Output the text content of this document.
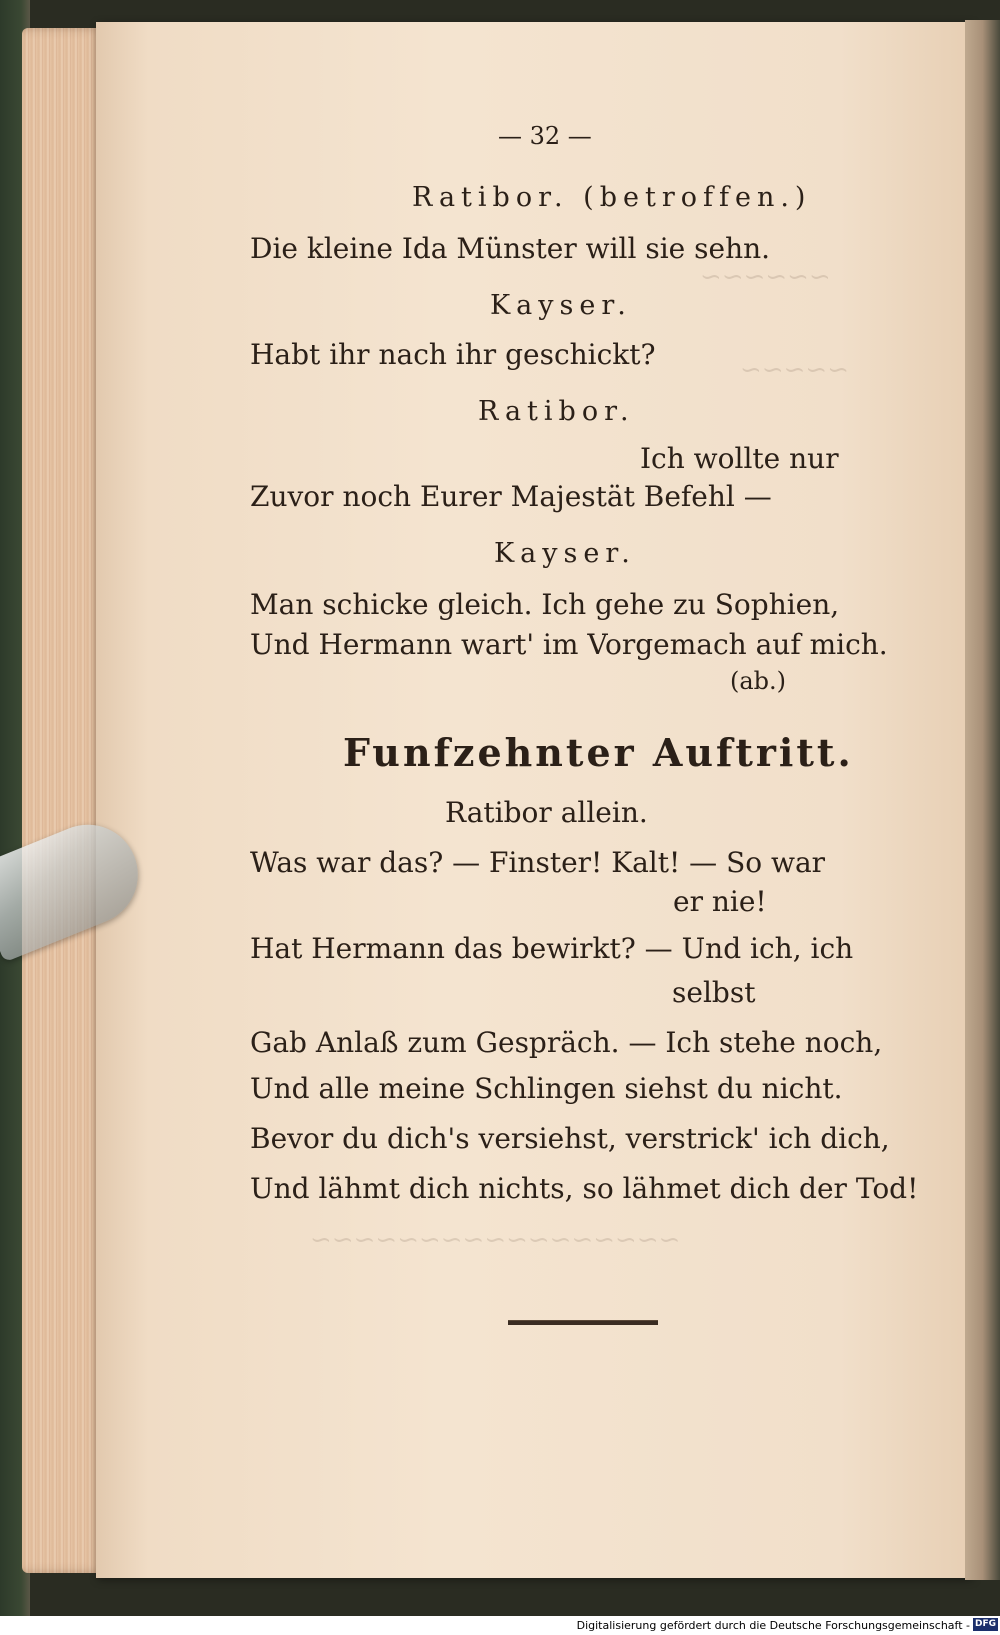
~~~~~~
~~~~~
~~~~~~~~~~~~~~~~~
— 32 —
Ratibor. (betroffen.)
Die kleine Ida Münster will sie sehn.
Kayser.
Habt ihr nach ihr geschickt?
Ratibor.
Ich wollte nur
Zuvor noch Eurer Majestät Befehl —
Kayser.
Man schicke gleich. Ich gehe zu Sophien,
Und Hermann wart' im Vorgemach auf mich.
(ab.)
Funfzehnter Auftritt.
Ratibor allein.
Was war das? — Finster! Kalt! — So war
er nie!
Hat Hermann das bewirkt? — Und ich, ich
selbst
Gab Anlaß zum Gespräch. — Ich stehe noch,
Und alle meine Schlingen siehst du nicht.
Bevor du dich's versiehst, verstrick' ich dich,
Und lähmt dich nichts, so lähmet dich der Tod!
Digitalisierung gefördert durch die Deutsche Forschungsgemeinschaft - DFG
